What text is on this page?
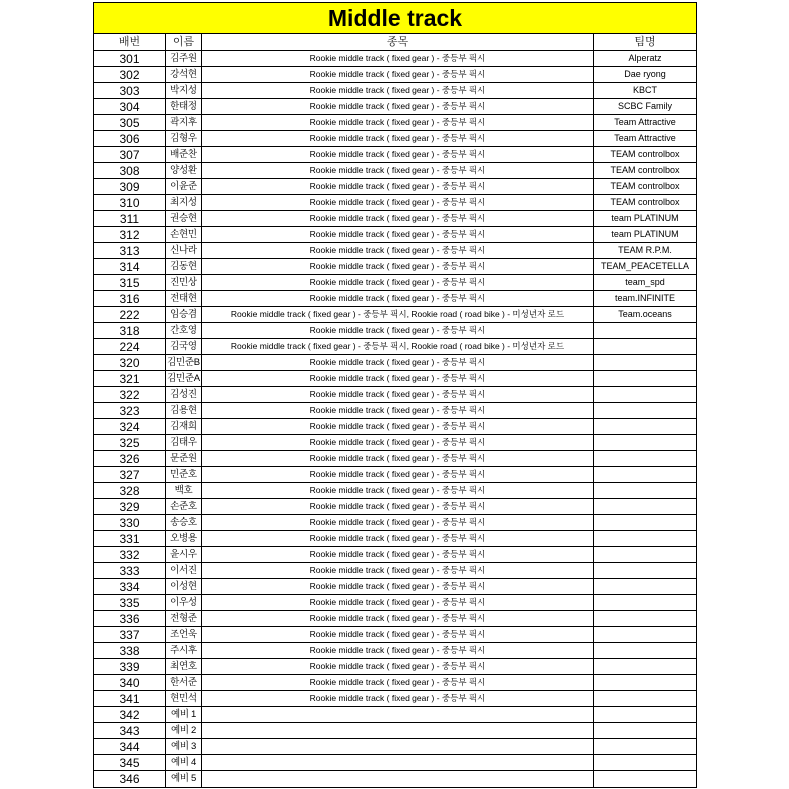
Middle track
배번	이름	종목	팀명
301	김주원	Rookie middle track ( fixed gear ) - 중등부 픽시	Alperatz
302	강석현	Rookie middle track ( fixed gear ) - 중등부 픽시	Dae ryong
303	박지성	Rookie middle track ( fixed gear ) - 중등부 픽시	KBCT
304	한태정	Rookie middle track ( fixed gear ) - 중등부 픽시	SCBC Family
305	곽지후	Rookie middle track ( fixed gear ) - 중등부 픽시	Team Attractive
306	김형우	Rookie middle track ( fixed gear ) - 중등부 픽시	Team Attractive
307	배준찬	Rookie middle track ( fixed gear ) - 중등부 픽시	TEAM controlbox
308	양성환	Rookie middle track ( fixed gear ) - 중등부 픽시	TEAM controlbox
309	이윤준	Rookie middle track ( fixed gear ) - 중등부 픽시	TEAM controlbox
310	최지성	Rookie middle track ( fixed gear ) - 중등부 픽시	TEAM controlbox
311	권승현	Rookie middle track ( fixed gear ) - 중등부 픽시	team PLATINUM
312	손현민	Rookie middle track ( fixed gear ) - 중등부 픽시	team PLATINUM
313	신나라	Rookie middle track ( fixed gear ) - 중등부 픽시	TEAM R.P.M.
314	김동현	Rookie middle track ( fixed gear ) - 중등부 픽시	TEAM_PEACETELLA
315	진민상	Rookie middle track ( fixed gear ) - 중등부 픽시	team_spd
316	전태현	Rookie middle track ( fixed gear ) - 중등부 픽시	team.INFINITE
222	임승겸	Rookie middle track ( fixed gear ) - 중등부 픽시, Rookie road ( road bike ) - 미성년자 로드	Team.oceans
318	간호영	Rookie middle track ( fixed gear ) - 중등부 픽시
224	김국영	Rookie middle track ( fixed gear ) - 중등부 픽시, Rookie road ( road bike ) - 미성년자 로드
320	김민준B	Rookie middle track ( fixed gear ) - 중등부 픽시
321	김민준A	Rookie middle track ( fixed gear ) - 중등부 픽시
322	김성진	Rookie middle track ( fixed gear ) - 중등부 픽시
323	김용현	Rookie middle track ( fixed gear ) - 중등부 픽시
324	김재희	Rookie middle track ( fixed gear ) - 중등부 픽시
325	김태우	Rookie middle track ( fixed gear ) - 중등부 픽시
326	문준원	Rookie middle track ( fixed gear ) - 중등부 픽시
327	민준호	Rookie middle track ( fixed gear ) - 중등부 픽시
328	백호	Rookie middle track ( fixed gear ) - 중등부 픽시
329	손준호	Rookie middle track ( fixed gear ) - 중등부 픽시
330	송승호	Rookie middle track ( fixed gear ) - 중등부 픽시
331	오병용	Rookie middle track ( fixed gear ) - 중등부 픽시
332	윤시우	Rookie middle track ( fixed gear ) - 중등부 픽시
333	이서진	Rookie middle track ( fixed gear ) - 중등부 픽시
334	이성현	Rookie middle track ( fixed gear ) - 중등부 픽시
335	이우성	Rookie middle track ( fixed gear ) - 중등부 픽시
336	전형준	Rookie middle track ( fixed gear ) - 중등부 픽시
337	조언욱	Rookie middle track ( fixed gear ) - 중등부 픽시
338	주시후	Rookie middle track ( fixed gear ) - 중등부 픽시
339	최연호	Rookie middle track ( fixed gear ) - 중등부 픽시
340	한서준	Rookie middle track ( fixed gear ) - 중등부 픽시
341	현민석	Rookie middle track ( fixed gear ) - 중등부 픽시
342	예비 1
343	예비 2
344	예비 3
345	예비 4
346	예비 5
